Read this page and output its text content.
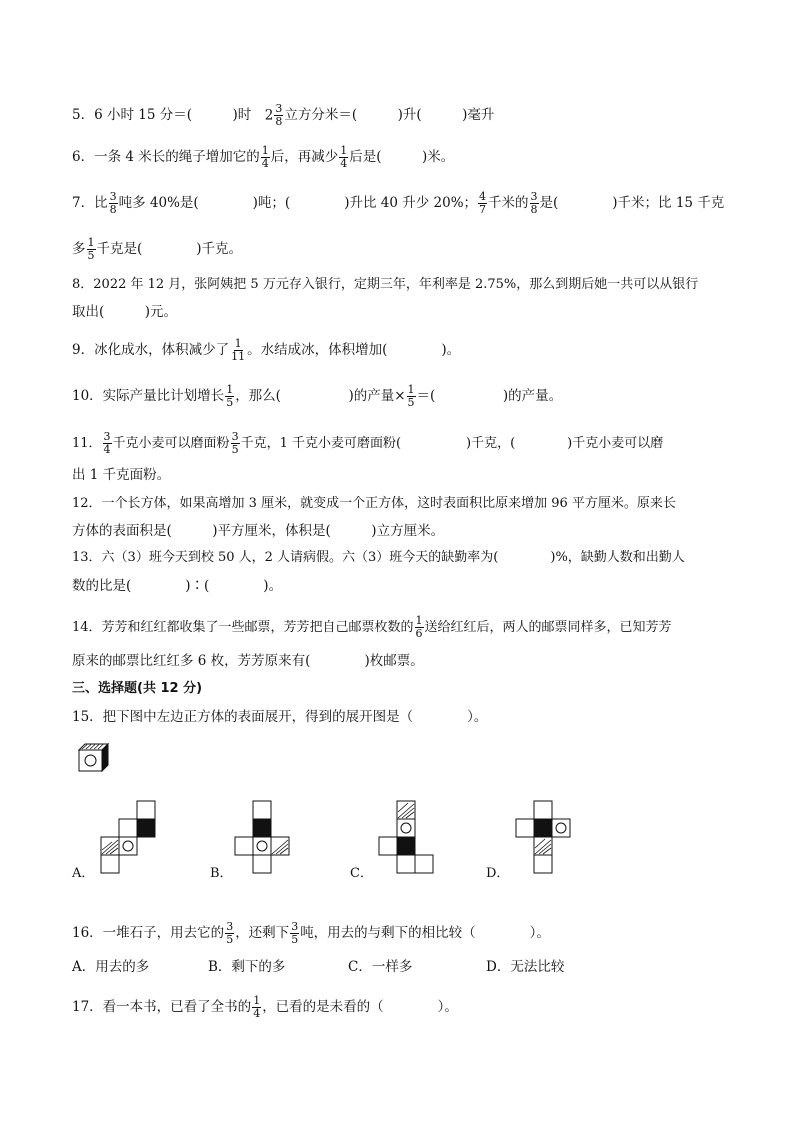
5．6 小时 15 分＝(　　　)时　$2 \frac{3}{8}$ 立方分米＝(　　　)升(　　　)毫升
6．一条 4 米长的绳子增加它的 $\frac{1}{4}$ 后，再减少 $\frac{1}{4}$ 后是(　　　)米。
7．比 $\frac{3}{8}$ 吨多 40%是(　　　　)吨；(　　　　)升比 40 升少 20%； $\frac{4}{7}$ 千米的 $\frac{3}{8}$ 是(　　　　)千米；比 15 千克
多 $\frac{1}{5}$ 千克是(　　　　)千克。
8．2022 年 12 月，张阿姨把 5 万元存入银行，定期三年，年利率是 2.75%，那么到期后她一共可以从银行
取出(　　　)元。
9．冰化成水，体积减少了 $\frac{1}{11}$ 。水结成冰，体积增加(　　　　)。
10．实际产量比计划增长 $\frac{1}{5}$ ，那么(　　　　　)的产量× $\frac{1}{5}$ ＝(　　　　　)的产量。
11． $\frac{3}{4}$ 千克小麦可以磨面粉 $\frac{3}{5}$ 千克，1 千克小麦可磨面粉(　　　　　)千克，(　　　　)千克小麦可以磨
出 1 千克面粉。
12．一个长方体，如果高增加 3 厘米，就变成一个正方体，这时表面积比原来增加 96 平方厘米。原来长
方体的表面积是(　　　)平方厘米，体积是(　　　)立方厘米。
13．六（3）班今天到校 50 人，2 人请病假。六（3）班今天的缺勤率为(　　　　)%，缺勤人数和出勤人
数的比是(　　　　)∶(　　　　)。
14．芳芳和红红都收集了一些邮票，芳芳把自己邮票枚数的 $\frac{1}{6}$ 送给红红后，两人的邮票同样多，已知芳芳
原来的邮票比红红多 6 枚，芳芳原来有(　　　　)枚邮票。
三、选择题(共 12 分)
15．把下图中左边正方体的表面展开，得到的展开图是（　　　　）。
A．	B．	C．	D．
16．一堆石子，用去它的 $\frac{3}{5}$ ，还剩下 $\frac{3}{5}$ 吨，用去的与剩下的相比较（　　　　）。
A．用去的多	B．剩下的多	C．一样多	D．无法比较
17．看一本书，已看了全书的 $\frac{1}{4}$ ，已看的是未看的（　　　　）。
